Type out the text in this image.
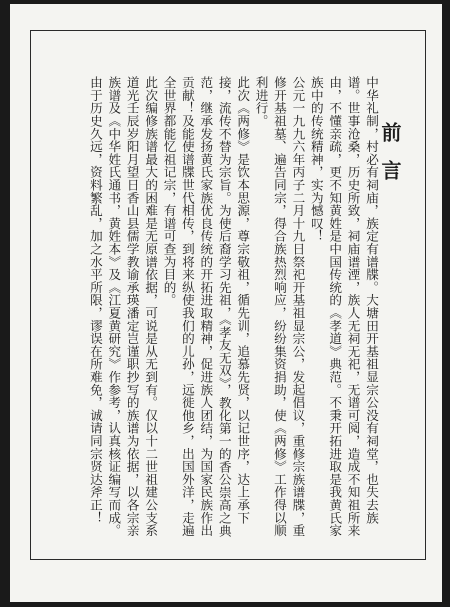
前言

中华礼制，村必有祠庙，族定有谱牒。大塘田开基祖显宗公没有祠堂，也失去族谱。世事沧桑，历史所致，祠庙谱湮，族人无祠无祀，无谱可阅，造成不知祖所来由，不懂亲疏，更不知黄姓是中国传统的《孝道》典范。不秉开拓进取是我黄氏家族中的传统精神，实为憾叹！

公元一九九六年丙子二月十九日祭祀开基祖显宗公，发起倡议，重修宗族谱牒，重修开基祖墓、遍告同宗，得合族热烈响应，纷纷集资捐助，使《两修》工作得以顺利进行。

此次《两修》是饮本思源，尊宗敬祖，循先训，追慕先贤，以记世序，达上承下接，流传不替为宗旨。为使后裔学习先祖，《孝友无双》，教化第一的香公崇高之典范，继承发扬黄氏家族优良传统的开拓进取精神，促进族人团结，为国家民族作出贡献！及能使谱牒世代相传，到将来纵使我们的儿孙，远徙他乡，出国外洋，走遍全世界都能忆祖记宗，有谱可查为目的。

此次编修族谱最大的困难是无原谱依据，可说是从无到有。仅以十二世祖建公支系道光壬辰岁阳月望日香山县儒学教谕承瑛潘定岂谨职抄写的族谱为依据，以各宗亲族谱及《中华姓氏通书，黄姓本》及《江夏黄研究》作参考，认真核证编写而成。由于历史久远，资料繁乱，加之水平所限，谬误在所难免，诚请同宗贤达斧正！
